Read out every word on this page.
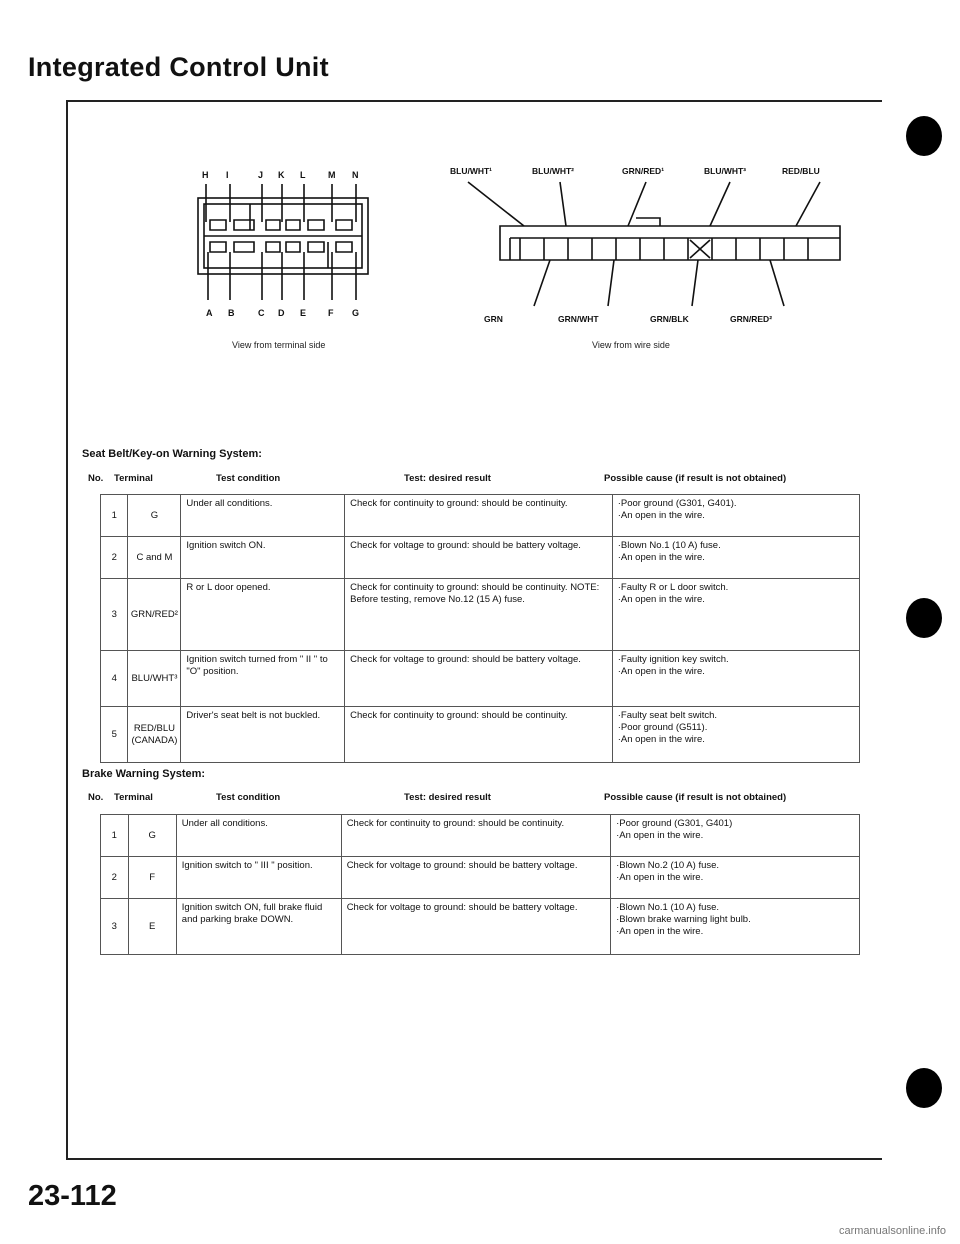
Integrated Control Unit
H I	J K L	M N
A B	C D E F G
View from terminal side
BLU/WHT¹	BLU/WHT²	GRN/RED¹	BLU/WHT³	RED/BLU
GRN	GRN/WHT	GRN/BLK	GRN/RED²
View from wire side
Seat Belt/Key-on Warning System:
No. Terminal	Test condition	Test: desired result	Possible cause (if result is not obtained)
1	G	Under all conditions.	Check for continuity to ground: should be continuity.	· Poor ground (G301, G401).
· An open in the wire.

2	C and M	Ignition switch ON.	Check for voltage to ground: should be battery voltage.	· Blown No.1 (10 A) fuse.
· An open in the wire.

3	GRN/RED²	R or L door opened.	Check for continuity to ground: should be continuity. NOTE: Before testing, remove No.12 (15 A) fuse.	· Faulty R or L door switch.
· An open in the wire.

4	BLU/WHT³	Ignition switch turned from " II " to "O" position.	Check for voltage to ground: should be battery voltage.	· Faulty ignition key switch.
· An open in the wire.

5	RED/BLU (CANADA)	Driver's seat belt is not buckled.	Check for continuity to ground: should be continuity.	· Faulty seat belt switch.
· Poor ground (G511).
· An open in the wire.
Brake Warning System:
No. Terminal	Test condition	Test: desired result	Possible cause (if result is not obtained)
1	G	Under all conditions.	Check for continuity to ground: should be continuity.	· Poor ground (G301, G401)
· An open in the wire.

2	F	Ignition switch to " III " position.	Check for voltage to ground: should be battery voltage.	· Blown No.2 (10 A) fuse.
· An open in the wire.

3	E	Ignition switch ON, full brake fluid and parking brake DOWN.	Check for voltage to ground: should be battery voltage.	· Blown No.1 (10 A) fuse.
· Blown brake warning light bulb.
· An open in the wire.
23-112
carmanualsonline.info
